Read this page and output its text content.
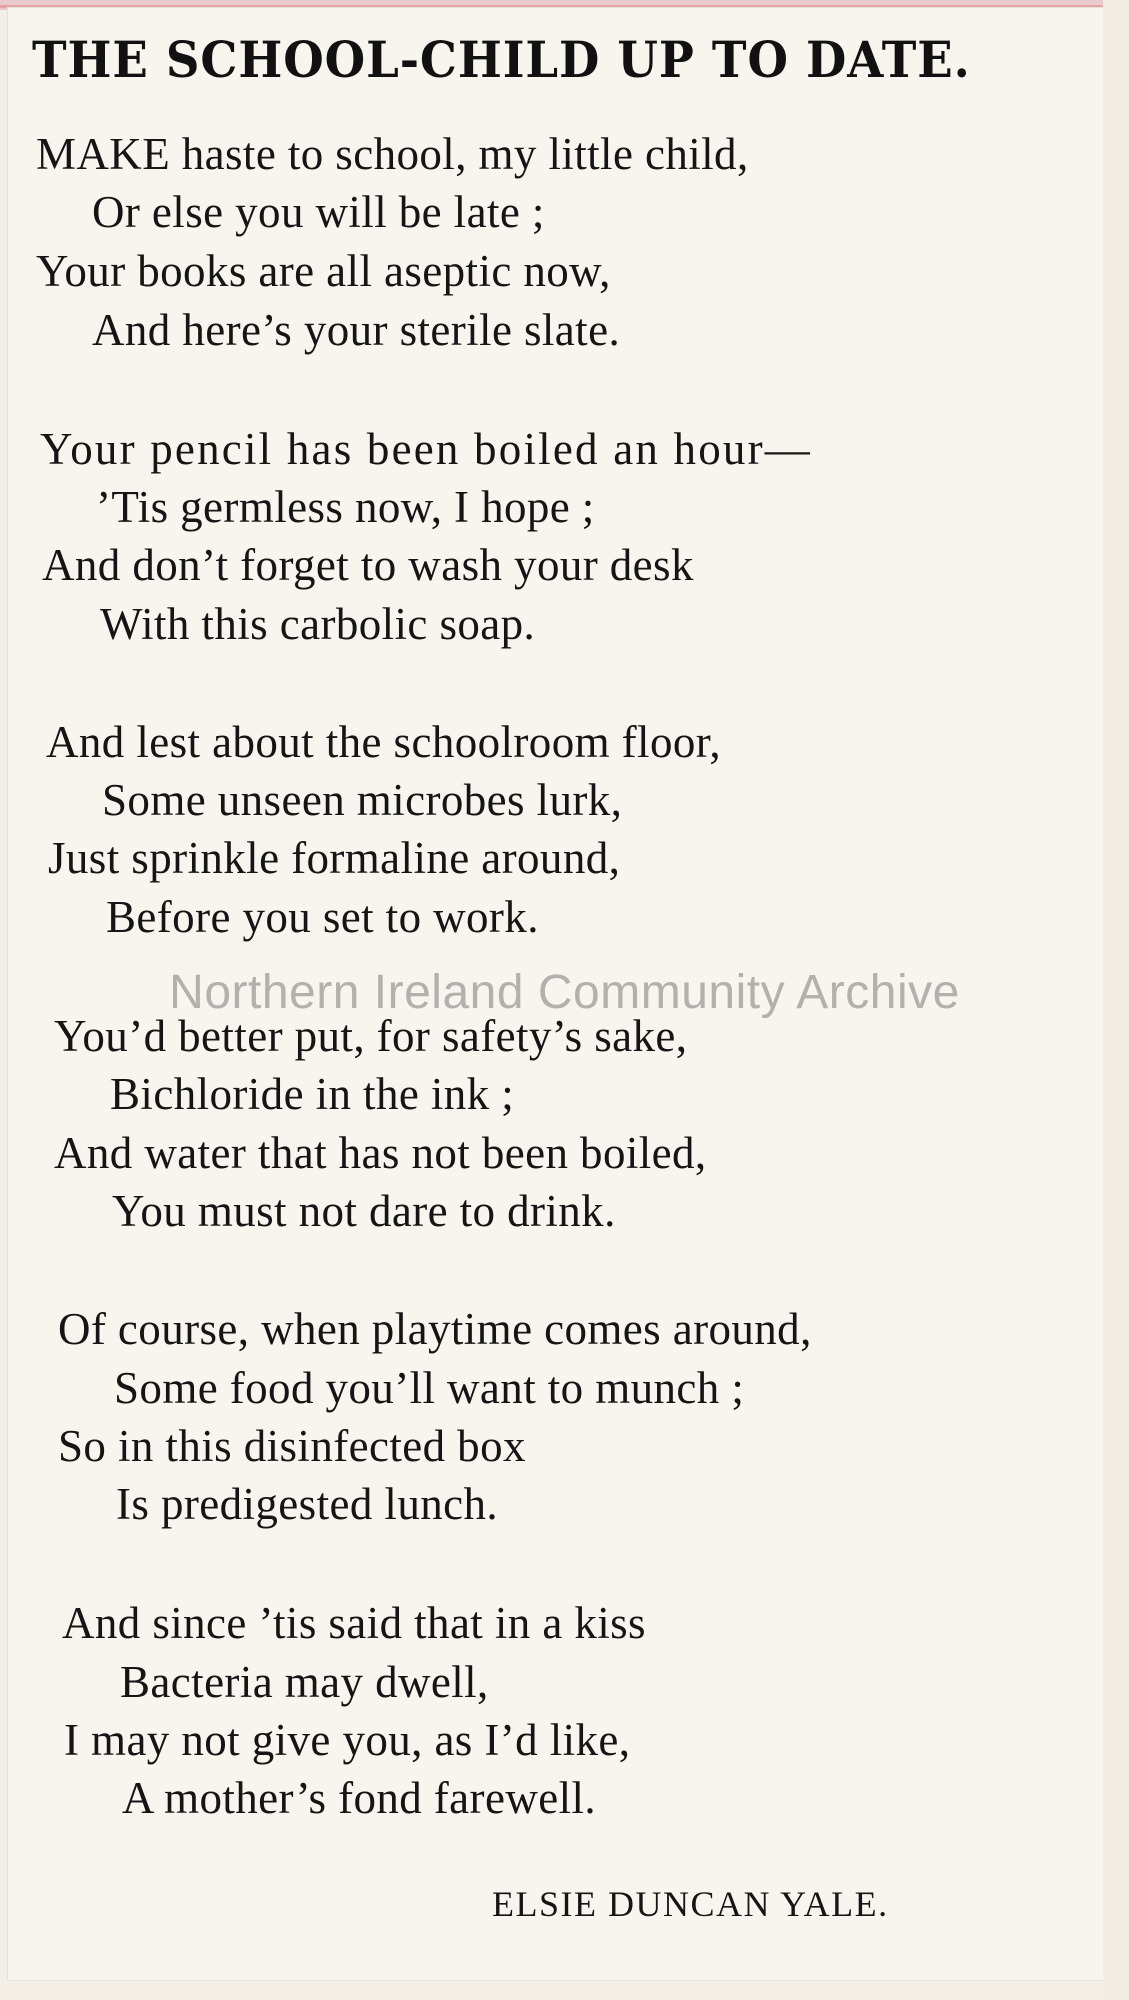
Northern Ireland Community Archive
THE SCHOOL-CHILD UP TO DATE.
MAKE haste to school, my little child,
Or else you will be late ;
Your books are all aseptic now,
And here’s your sterile slate.
Your pencil has been boiled an hour—
’Tis germless now, I hope ;
And don’t forget to wash your desk
With this carbolic soap.
And lest about the schoolroom floor,
Some unseen microbes lurk,
Just sprinkle formaline around,
Before you set to work.
You’d better put, for safety’s sake,
Bichloride in the ink ;
And water that has not been boiled,
You must not dare to drink.
Of course, when playtime comes around,
Some food you’ll want to munch ;
So in this disinfected box
Is predigested lunch.
And since ’tis said that in a kiss
Bacteria may dwell,
I may not give you, as I’d like,
A mother’s fond farewell.
ELSIE DUNCAN YALE.
